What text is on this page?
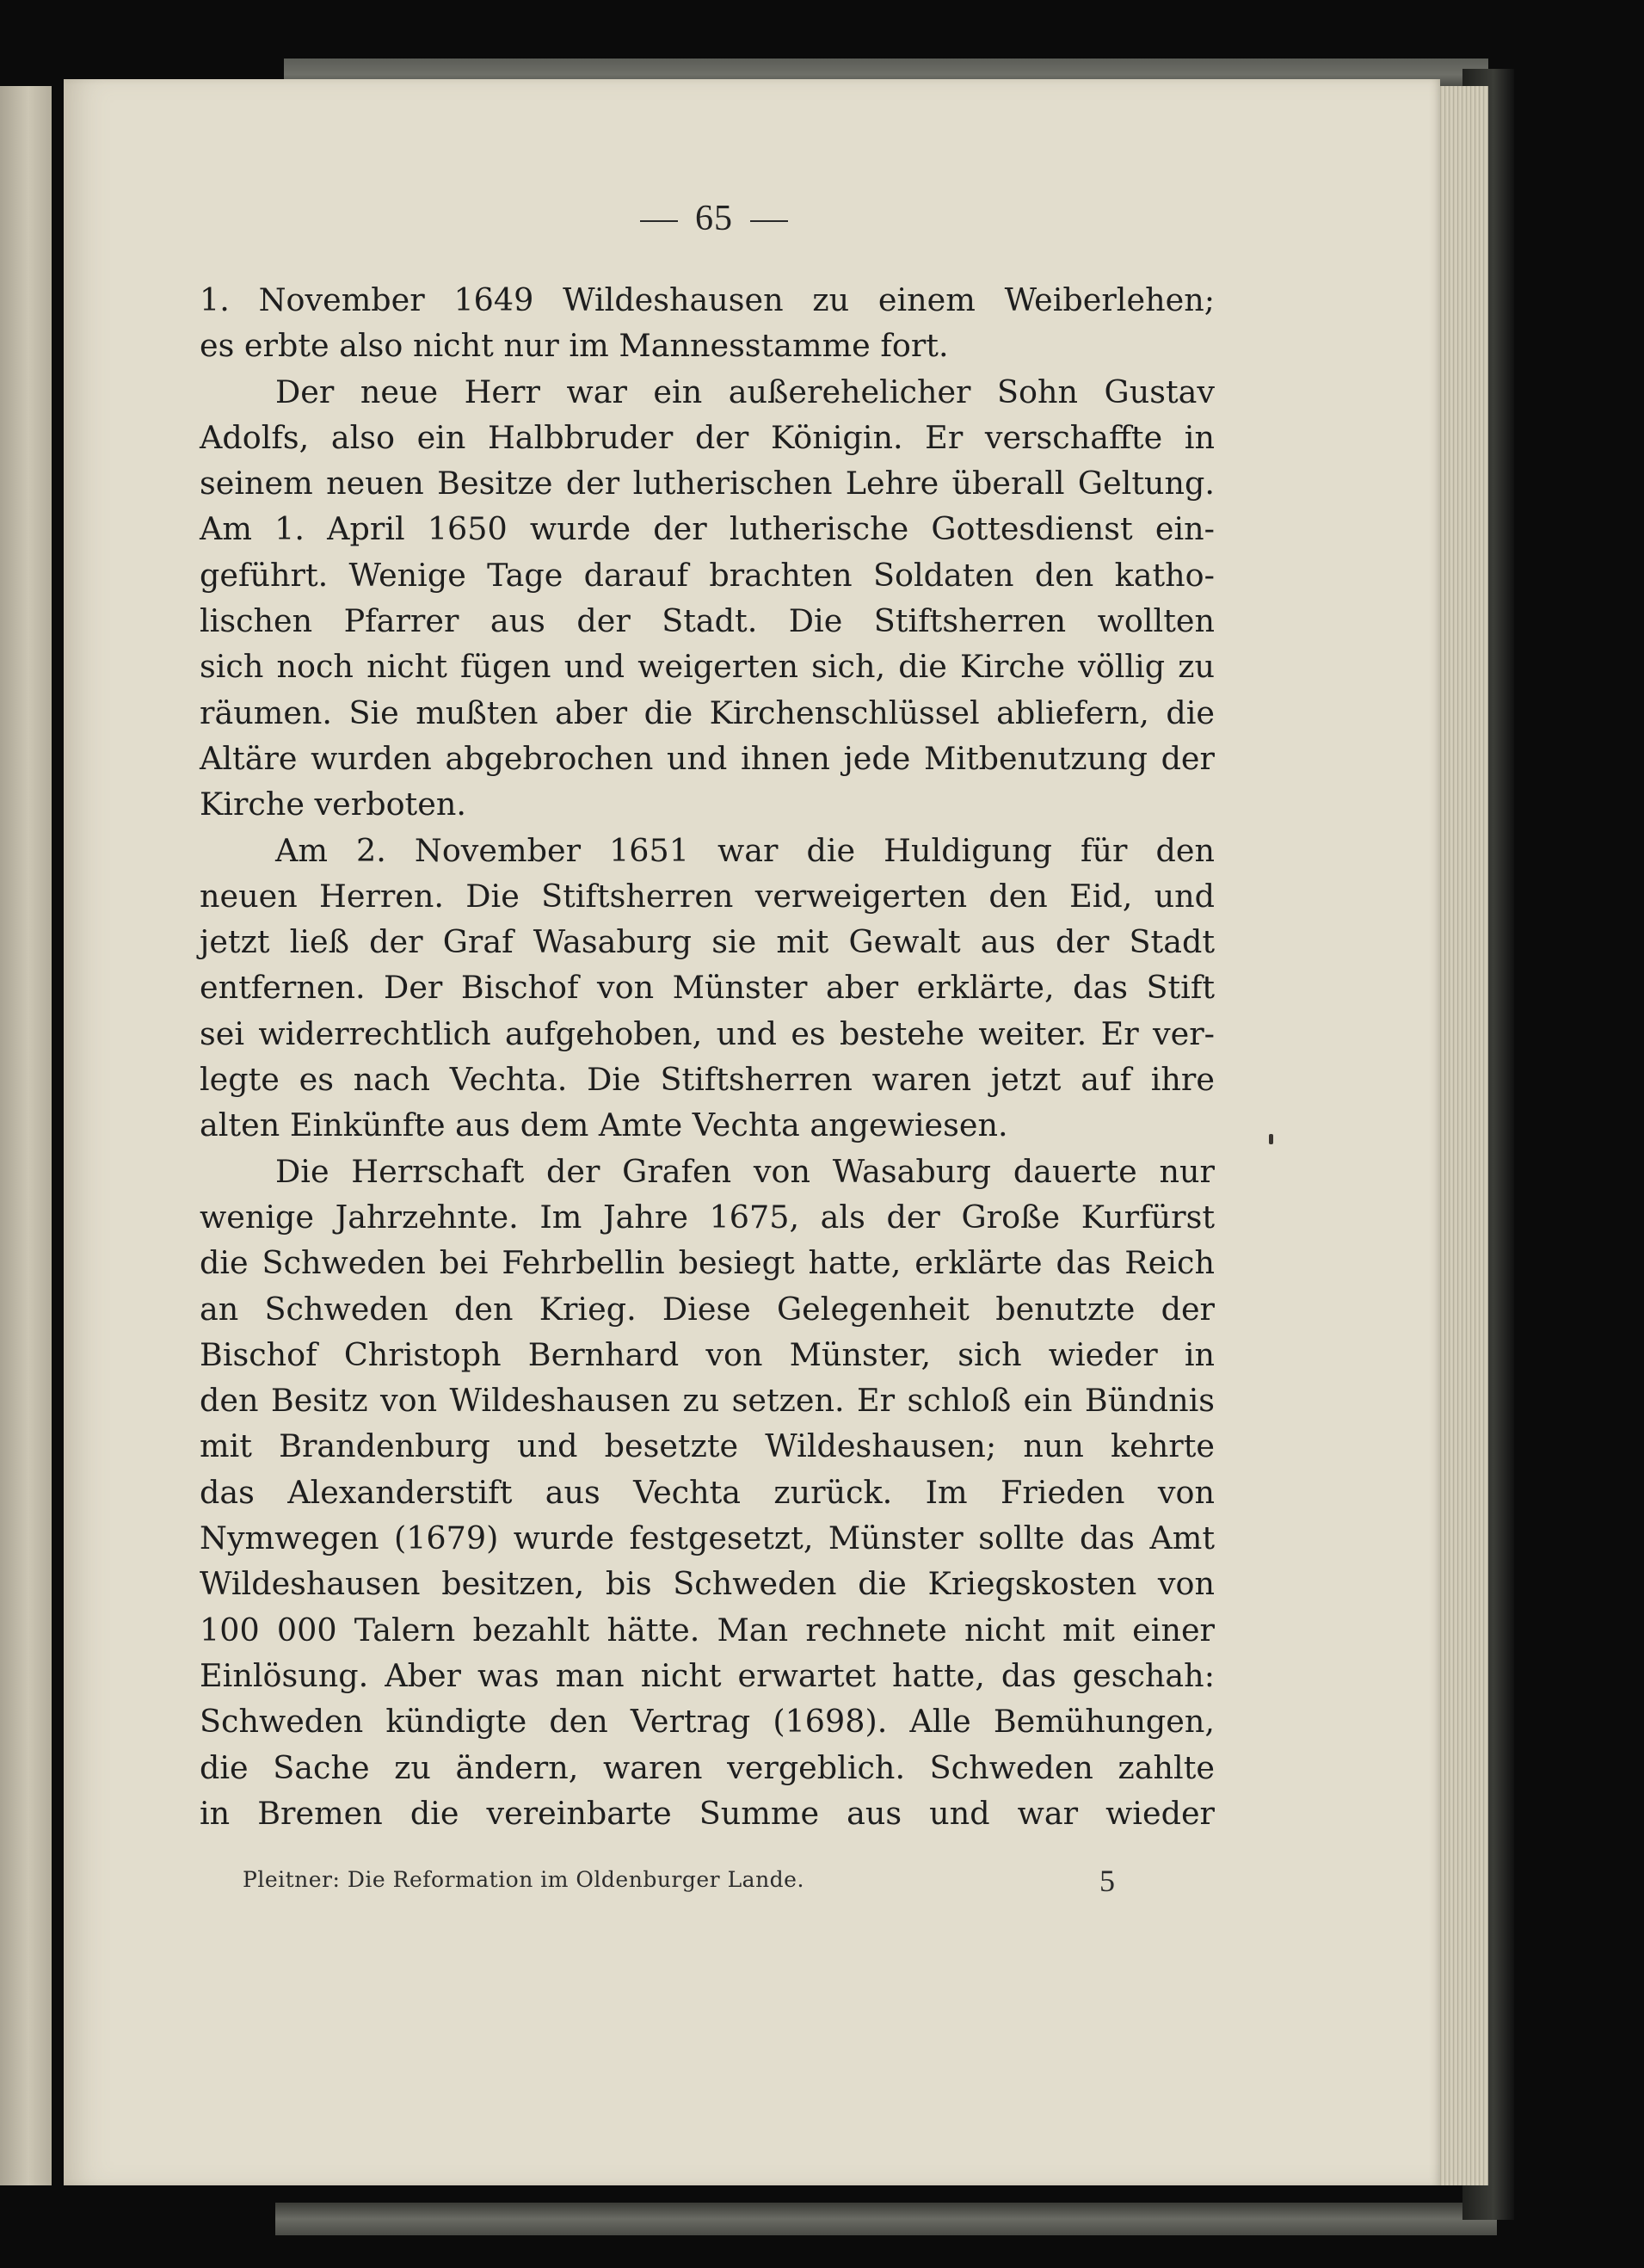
65
1. November 1649 Wildeshausen zu einem Weiberlehen;
es erbte also nicht nur im Mannesstamme fort.
Der neue Herr war ein außerehelicher Sohn Gustav
Adolfs, also ein Halbbruder der Königin. Er verschaffte in
seinem neuen Besitze der lutherischen Lehre überall Geltung.
Am 1. April 1650 wurde der lutherische Gottesdienst ein-
geführt. Wenige Tage darauf brachten Soldaten den katho-
lischen Pfarrer aus der Stadt. Die Stiftsherren wollten
sich noch nicht fügen und weigerten sich, die Kirche völlig zu
räumen. Sie mußten aber die Kirchenschlüssel abliefern, die
Altäre wurden abgebrochen und ihnen jede Mitbenutzung der
Kirche verboten.
Am 2. November 1651 war die Huldigung für den
neuen Herren. Die Stiftsherren verweigerten den Eid, und
jetzt ließ der Graf Wasaburg sie mit Gewalt aus der Stadt
entfernen. Der Bischof von Münster aber erklärte, das Stift
sei widerrechtlich aufgehoben, und es bestehe weiter. Er ver-
legte es nach Vechta. Die Stiftsherren waren jetzt auf ihre
alten Einkünfte aus dem Amte Vechta angewiesen.
Die Herrschaft der Grafen von Wasaburg dauerte nur
wenige Jahrzehnte. Im Jahre 1675, als der Große Kurfürst
die Schweden bei Fehrbellin besiegt hatte, erklärte das Reich
an Schweden den Krieg. Diese Gelegenheit benutzte der
Bischof Christoph Bernhard von Münster, sich wieder in
den Besitz von Wildeshausen zu setzen. Er schloß ein Bündnis
mit Brandenburg und besetzte Wildeshausen; nun kehrte
das Alexanderstift aus Vechta zurück. Im Frieden von
Nymwegen (1679) wurde festgesetzt, Münster sollte das Amt
Wildeshausen besitzen, bis Schweden die Kriegskosten von
100 000 Talern bezahlt hätte. Man rechnete nicht mit einer
Einlösung. Aber was man nicht erwartet hatte, das geschah:
Schweden kündigte den Vertrag (1698). Alle Bemühungen,
die Sache zu ändern, waren vergeblich. Schweden zahlte
in Bremen die vereinbarte Summe aus und war wieder
Pleitner: Die Reformation im Oldenburger Lande.	5
